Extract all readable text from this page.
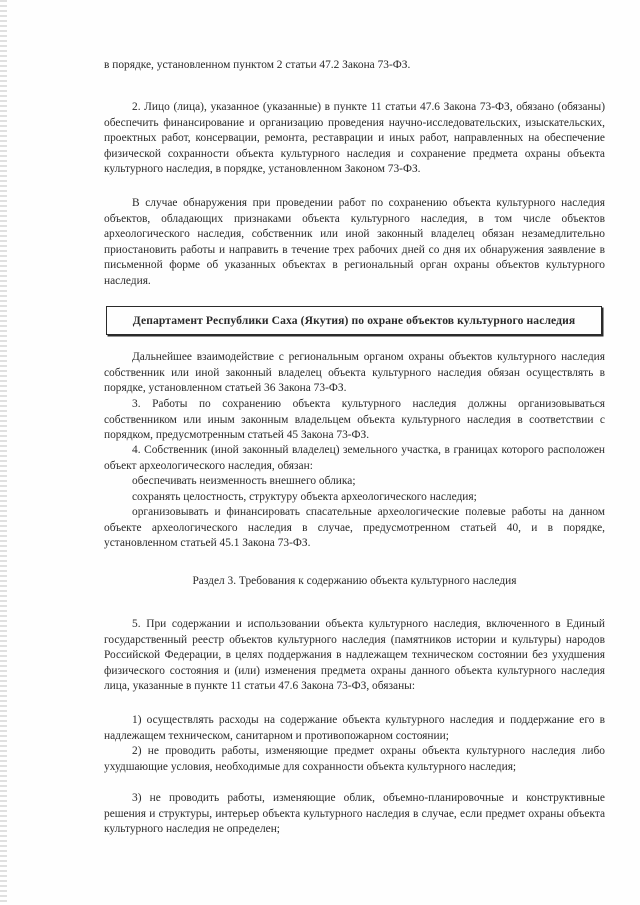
в порядке, установленном пунктом 2 статьи 47.2 Закона 73-ФЗ.

2. Лицо (лица), указанное (указанные) в пункте 11 статьи 47.6 Закона 73-ФЗ, обязано (обязаны) обеспечить финансирование и организацию проведения научно-исследовательских, изыскательских, проектных работ, консервации, ремонта, реставрации и иных работ, направленных на обеспечение физической сохранности объекта культурного наследия и сохранение предмета охраны объекта культурного наследия, в порядке, установленном Законом 73-ФЗ.

В случае обнаружения при проведении работ по сохранению объекта культурного наследия объектов, обладающих признаками объекта культурного наследия, в том числе объектов археологического наследия, собственник или иной законный владелец обязан незамедлительно приостановить работы и направить в течение трех рабочих дней со дня их обнаружения заявление в письменной форме об указанных объектах в региональный орган охраны объектов культурного наследия.

Департамент Республики Саха (Якутия) по охране объектов культурного наследия

Дальнейшее взаимодействие с региональным органом охраны объектов культурного наследия собственник или иной законный владелец объекта культурного наследия обязан осуществлять в порядке, установленном статьей 36 Закона 73-ФЗ.

3. Работы по сохранению объекта культурного наследия должны организовываться собственником или иным законным владельцем объекта культурного наследия в соответствии с порядком, предусмотренным статьей 45 Закона 73-ФЗ.

4. Собственник (иной законный владелец) земельного участка, в границах которого расположен объект археологического наследия, обязан:

обеспечивать неизменность внешнего облика;

сохранять целостность, структуру объекта археологического наследия;

организовывать и финансировать спасательные археологические полевые работы на данном объекте археологического наследия в случае, предусмотренном статьей 40, и в порядке, установленном статьей 45.1 Закона 73-ФЗ.

Раздел 3. Требования к содержанию объекта культурного наследия

5. При содержании и использовании объекта культурного наследия, включенного в Единый государственный реестр объектов культурного наследия (памятников истории и культуры) народов Российской Федерации, в целях поддержания в надлежащем техническом состоянии без ухудшения физического состояния и (или) изменения предмета охраны данного объекта культурного наследия лица, указанные в пункте 11 статьи 47.6 Закона 73-ФЗ, обязаны:

1) осуществлять расходы на содержание объекта культурного наследия и поддержание его в надлежащем техническом, санитарном и противопожарном состоянии;

2) не проводить работы, изменяющие предмет охраны объекта культурного наследия либо ухудшающие условия, необходимые для сохранности объекта культурного наследия;

3) не проводить работы, изменяющие облик, объемно-планировочные и конструктивные решения и структуры, интерьер объекта культурного наследия в случае, если предмет охраны объекта культурного наследия не определен;
